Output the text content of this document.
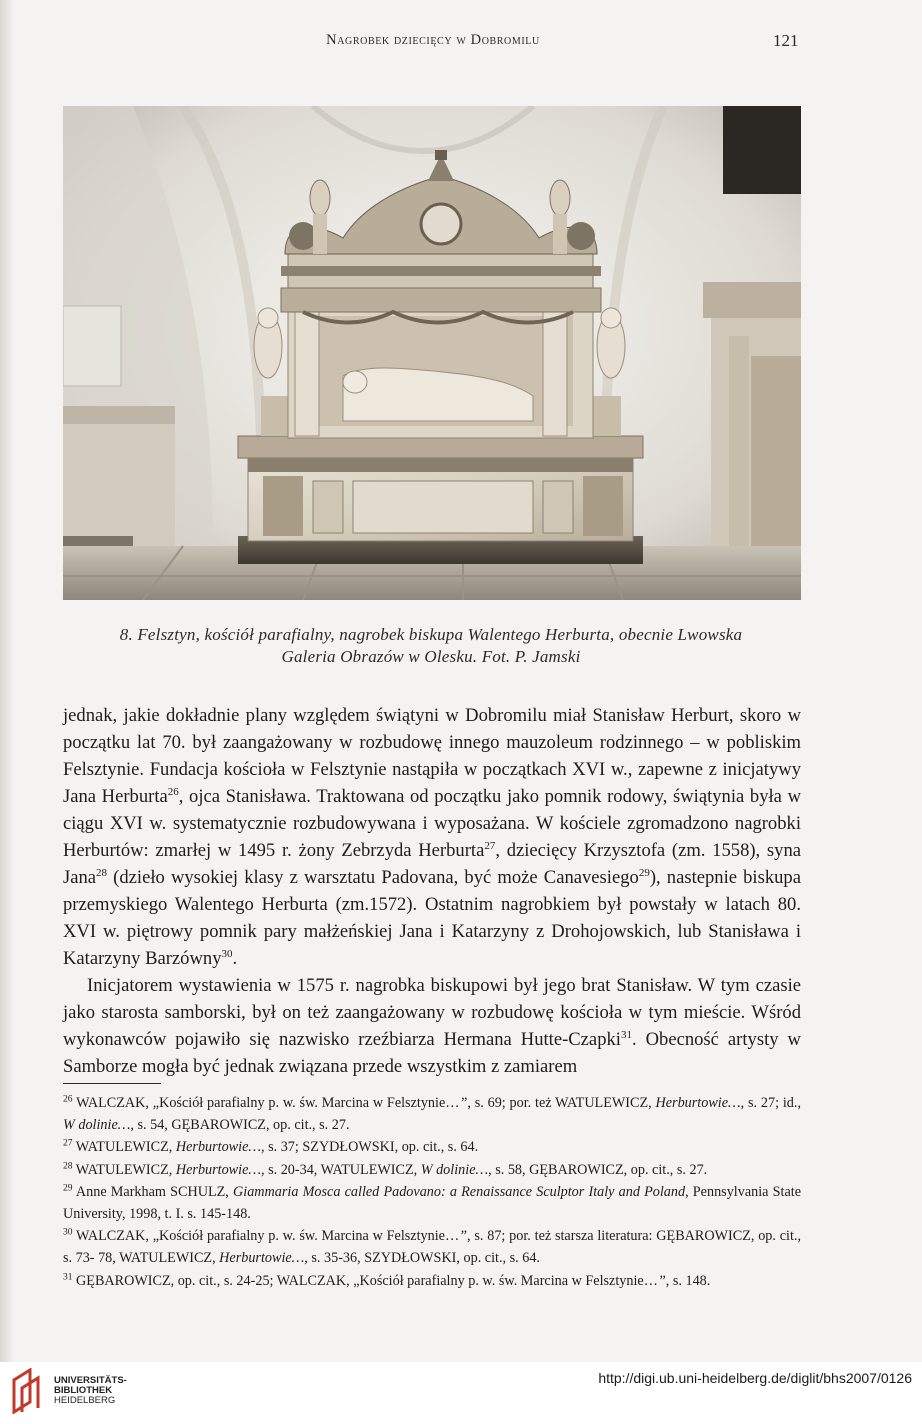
Nagrobek dziecięcy w Dobromilu	121
8. Felsztyn, kościół parafialny, nagrobek biskupa Walentego Herburta, obecnie Lwowska
Galeria Obrazów w Olesku. Fot. P. Jamski

jednak, jakie dokładnie plany względem świątyni w Dobromilu miał Stanisław Herburt, skoro w początku lat 70. był zaangażowany w rozbudowę innego mauzoleum rodzinnego – w pobliskim Felsztynie. Fundacja kościoła w Felsztynie nastąpiła w początkach XVI w., zapewne z inicjatywy Jana Herburta$^{26}$, ojca Stanisława. Traktowana od początku jako pomnik rodowy, świątynia była w ciągu XVI w. systematycznie rozbudowywana i wyposażana. W kościele zgromadzono nagrobki Herburtów: zmarłej w 1495 r. żony Zebrzyda Herburta$^{27}$, dziecięcy Krzysztofa (zm. 1558), syna Jana$^{28}$ (dzieło wysokiej klasy z warsztatu Padovana, być może Canavesiego$^{29}$), nastepnie biskupa przemyskiego Walentego Herburta (zm.1572). Ostatnim nagrobkiem był powstały w latach 80. XVI w. piętrowy pomnik pary małżeńskiej Jana i Katarzyny z Drohojowskich, lub Stanisława i Katarzyny Barzówny$^{30}$.

Inicjatorem wystawienia w 1575 r. nagrobka biskupowi był jego brat Stanisław. W tym czasie jako starosta samborski, był on też zaangażowany w rozbudowę kościoła w tym mieście. Wśród wykonawców pojawiło się nazwisko rzeźbiarza Hermana Hutte-Czapki$^{31}$. Obecność artysty w Samborze mogła być jednak związana przede wszystkim z zamiarem

$^{26}$ WALCZAK, „Kościół parafialny p. w. św. Marcina w Felsztynie…”, s. 69; por. też WATULEWICZ, Herburtowie…, s. 27; id., W dolinie…, s. 54, GĘBAROWICZ, op. cit., s. 27.

$^{27}$ WATULEWICZ, Herburtowie…, s. 37; SZYDŁOWSKI, op. cit., s. 64.

$^{28}$ WATULEWICZ, Herburtowie…, s. 20-34, WATULEWICZ, W dolinie…, s. 58, GĘBAROWICZ, op. cit., s. 27.

$^{29}$ Anne Markham SCHULZ, Giammaria Mosca called Padovano: a Renaissance Sculptor Italy and Poland, Pennsylvania State University, 1998, t. I. s. 145-148.

$^{30}$ WALCZAK, „Kościół parafialny p. w. św. Marcina w Felsztynie…”, s. 87; por. też starsza literatura: GĘBAROWICZ, op. cit., s. 73- 78, WATULEWICZ, Herburtowie…, s. 35-36, SZYDŁOWSKI, op. cit., s. 64.

$^{31}$ GĘBAROWICZ, op. cit., s. 24-25; WALCZAK, „Kościół parafialny p. w. św. Marcina w Felsztynie…”, s. 148.

UNIVERSITÄTS-
BIBLIOTHEK
HEIDELBERG
http://digi.ub.uni-heidelberg.de/diglit/bhs2007/0126
